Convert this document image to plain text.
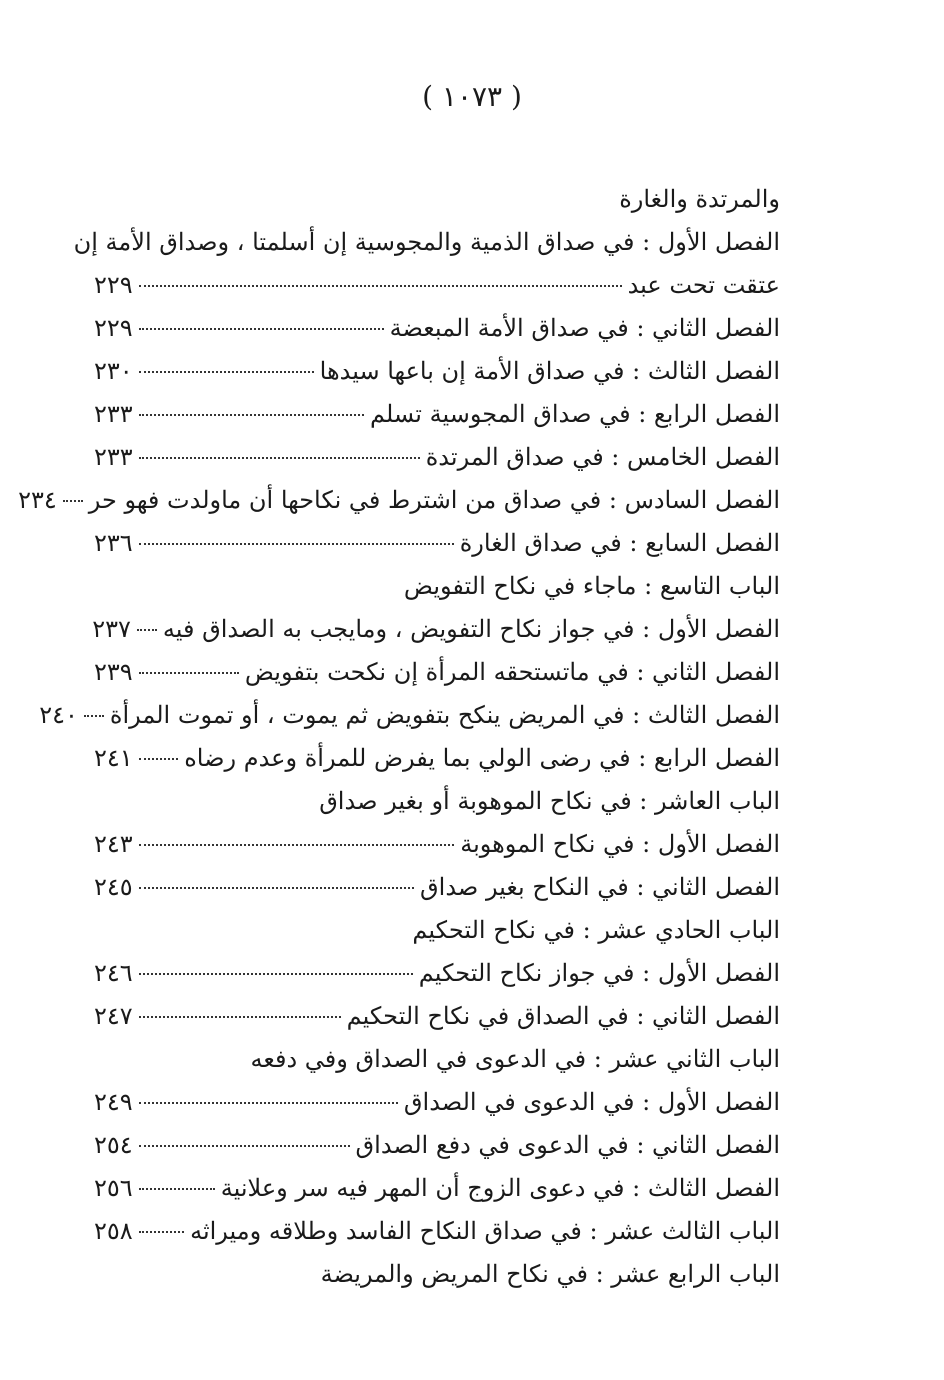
( ١٠٧٣ )
والمرتدة والغارة
الفصل الأول : في صداق الذمية والمجوسية إن أسلمتا ، وصداق الأمة إن
عتقت تحت عبد
٢٢٩
الفصل الثاني : في صداق الأمة المبعضة
٢٢٩
الفصل الثالث : في صداق الأمة إن باعها سيدها
٢٣٠
الفصل الرابع : في صداق المجوسية تسلم
٢٣٣
الفصل الخامس : في صداق المرتدة
٢٣٣
الفصل السادس : في صداق من اشترط في نكاحها أن ماولدت فهو حر
٢٣٤
الفصل السابع : في صداق الغارة
٢٣٦
الباب التاسع : ماجاء في نكاح التفويض
الفصل الأول : في جواز نكاح التفويض ، ومايجب به الصداق فيه
٢٣٧
الفصل الثاني : في ماتستحقه المرأة إن نكحت بتفويض
٢٣٩
الفصل الثالث : في المريض ينكح بتفويض ثم يموت ، أو تموت المرأة
٢٤٠
الفصل الرابع : في رضى الولي بما يفرض للمرأة وعدم رضاه
٢٤١
الباب العاشر : في نكاح الموهوبة أو بغير صداق
الفصل الأول : في نكاح الموهوبة
٢٤٣
الفصل الثاني : في النكاح بغير صداق
٢٤٥
الباب الحادي عشر : في نكاح التحكيم
الفصل الأول : في جواز نكاح التحكيم
٢٤٦
الفصل الثاني : في الصداق في نكاح التحكيم
٢٤٧
الباب الثاني عشر : في الدعوى في الصداق وفي دفعه
الفصل الأول : في الدعوى في الصداق
٢٤٩
الفصل الثاني : في الدعوى في دفع الصداق
٢٥٤
الفصل الثالث : في دعوى الزوج أن المهر فيه سر وعلانية
٢٥٦
الباب الثالث عشر : في صداق النكاح الفاسد وطلاقه وميراثه
٢٥٨
الباب الرابع عشر : في نكاح المريض والمريضة
